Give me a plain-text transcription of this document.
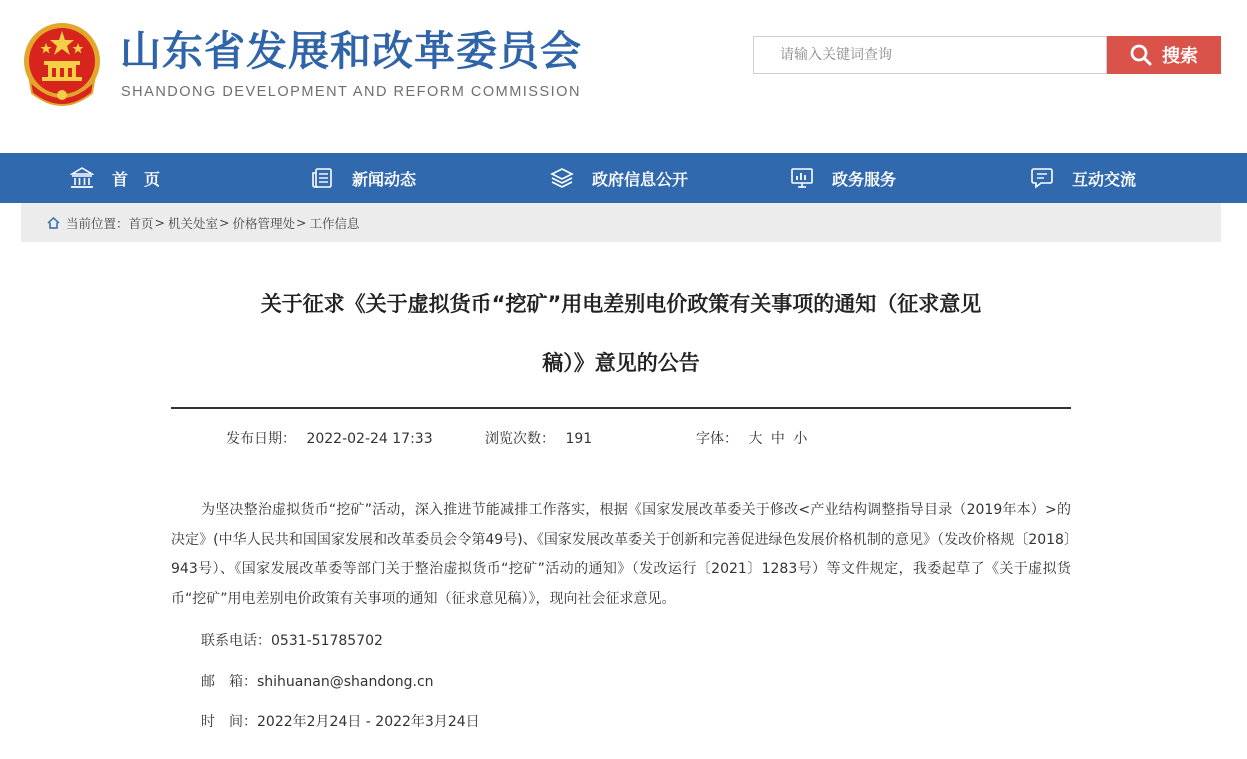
山东省发展和改革委员会
SHANDONG DEVELOPMENT AND REFORM COMMISSION
请输入关键词查询
搜索
首　页	新闻动态	政府信息公开	政务服务	互动交流
当前位置： 首页 > 机关处室 > 价格管理处 > 工作信息
关于征求《关于虚拟货币“挖矿”用电差别电价政策有关事项的通知（征求意见
稿）》意见的公告
发布日期： 2022-02-24 17:33	浏览次数： 191	字体： 大 中 小
为坚决整治虚拟货币“挖矿”活动，深入推进节能减排工作落实，根据《国家发展改革委关于修改<产业结构调整指导目录（2019年本）>的决定》(中华人民共和国国家发展和改革委员会令第49号)、《国家发展改革委关于创新和完善促进绿色发展价格机制的意见》（发改价格规〔2018〕943号）、《国家发展改革委等部门关于整治虚拟货币“挖矿”活动的通知》（发改运行〔2021〕1283号）等文件规定，我委起草了《关于虚拟货币“挖矿”用电差别电价政策有关事项的通知（征求意见稿）》，现向社会征求意见。
联系电话：0531-51785702
邮　箱：shihuanan@shandong.cn
时　间：2022年2月24日 - 2022年3月24日
